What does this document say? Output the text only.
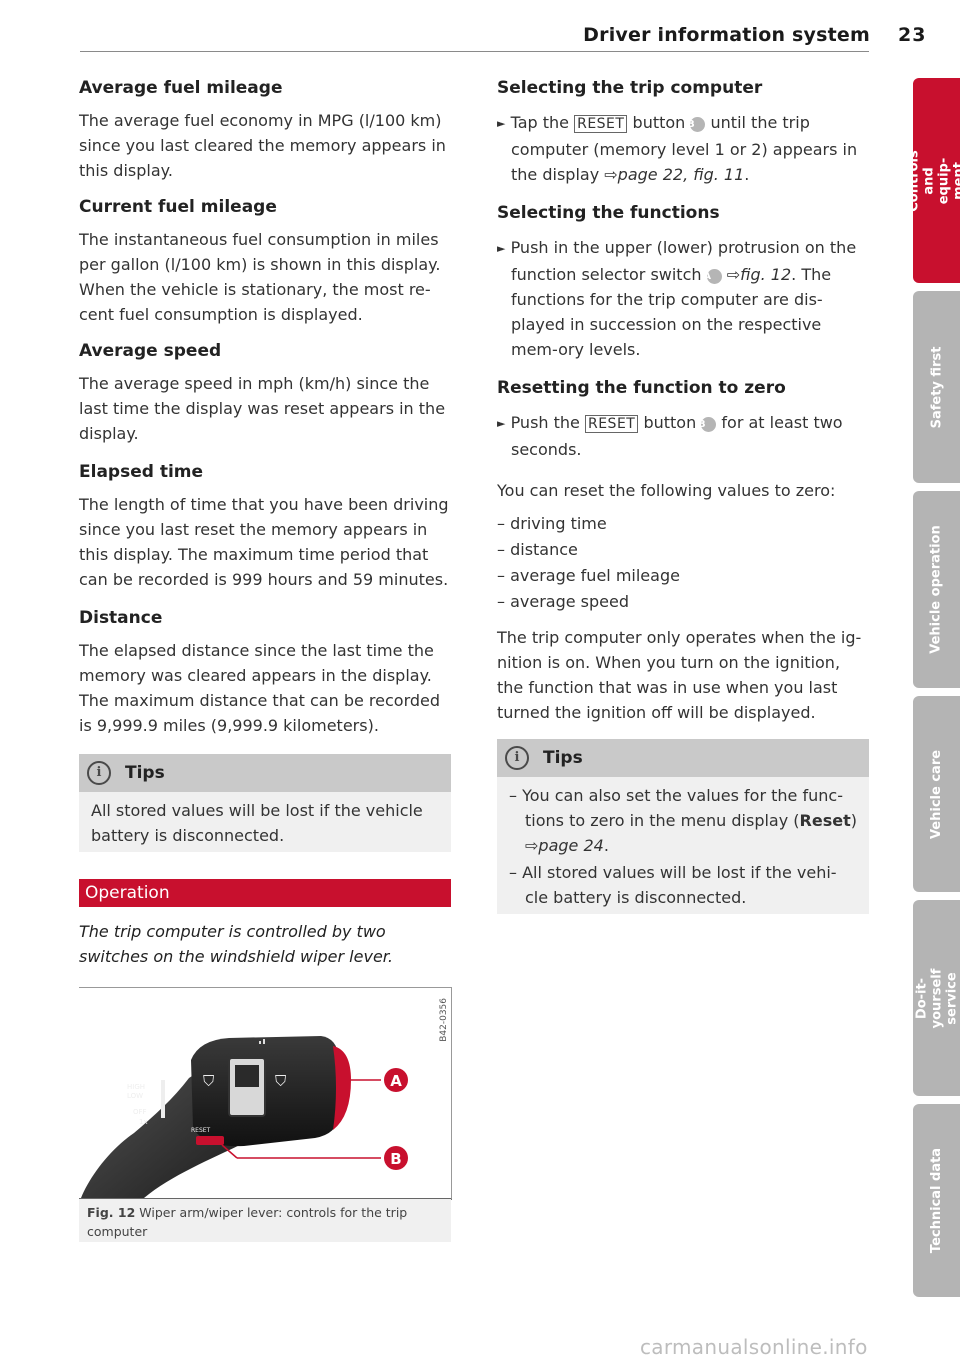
Driver information system 23
Average fuel mileage

The average fuel economy in MPG (l/100 km) since you last cleared the memory appears in this display.

Current fuel mileage

The instantaneous fuel consumption in miles per gallon (l/100 km) is shown in this display. When the vehicle is stationary, the most re-cent fuel consumption is displayed.

Average speed

The average speed in mph (km/h) since the last time the display was reset appears in the display.

Elapsed time

The length of time that you have been driving since you last reset the memory appears in this display. The maximum time period that can be recorded is 999 hours and 59 minutes.

Distance

The elapsed distance since the last time the memory was cleared appears in the display. The maximum distance that can be recorded is 9,999.9 miles (9,999.9 kilometers).

i	Tips
All stored values will be lost if the vehicle battery is disconnected.
Operation
The trip computer is controlled by two switches on the windshield wiper lever.
B42-0356
⛉	⛉
HIGH
LOW
OFF
1x
RESET
A
B
Fig. 12 Wiper arm/wiper lever: controls for the trip computer
Selecting the trip computer
► Tap the RESET button B until the trip computer (memory level 1 or 2) appears in the display ⇨page 22, fig. 11.
Selecting the functions
► Push in the upper (lower) protrusion on the function selector switch A ⇨fig. 12. The functions for the trip computer are dis-played in succession on the respective mem-ory levels.
Resetting the function to zero
► Push the RESET button B for at least two seconds.

You can reset the following values to zero:

– driving time
– distance
– average fuel mileage
– average speed

The trip computer only operates when the ig-nition is on. When you turn on the ignition, the function that was in use when you last turned the ignition off will be displayed.

i	Tips
– You can also set the values for the func-tions to zero in the menu display (Reset) ⇨page 24.
– All stored values will be lost if the vehi-cle battery is disconnected.
Controls and equip-ment
Safety first
Vehicle operation
Vehicle care
Do-it-yourself service
Technical data
carmanualsonline.info
